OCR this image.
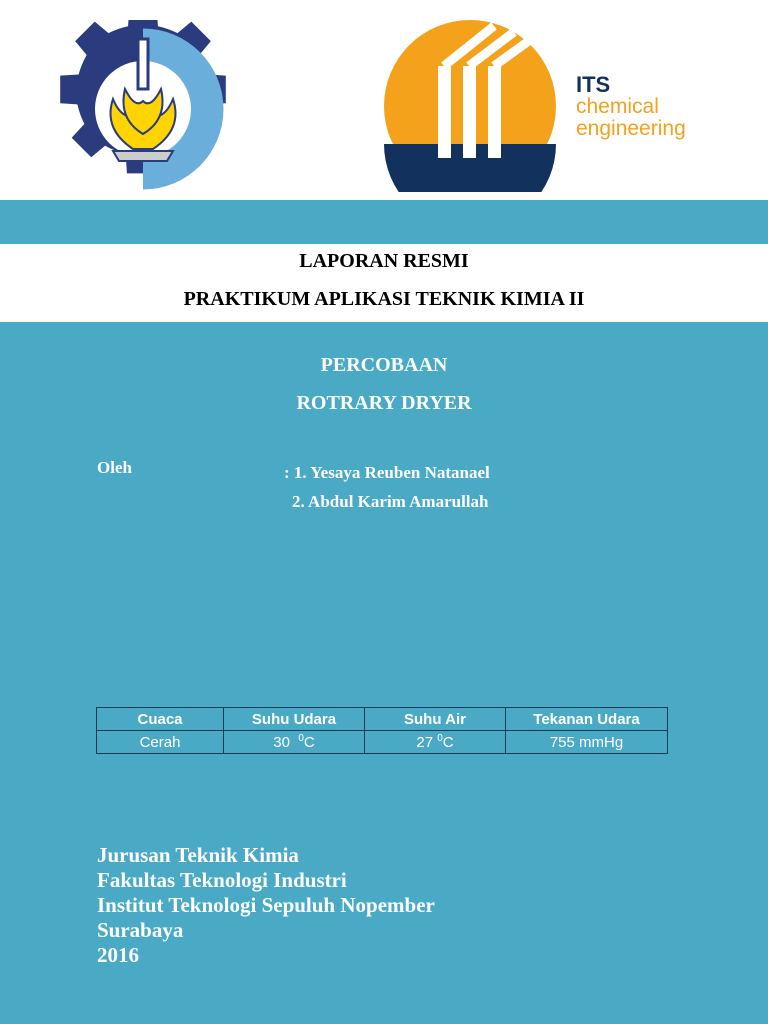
ITS
chemical
engineering
LAPORAN RESMI
PRAKTIKUM APLIKASI TEKNIK KIMIA II
PERCOBAAN
ROTRARY DRYER
Oleh	: 1. Yesaya Reuben Natanael
2. Abdul Karim Amarullah
Cuaca	Suhu Udara	Suhu Air	Tekanan Udara
Cerah	30 $^0$C	27 $^0$C	755 mmHg
Jurusan Teknik Kimia
Fakultas Teknologi Industri
Institut Teknologi Sepuluh Nopember
Surabaya
2016
